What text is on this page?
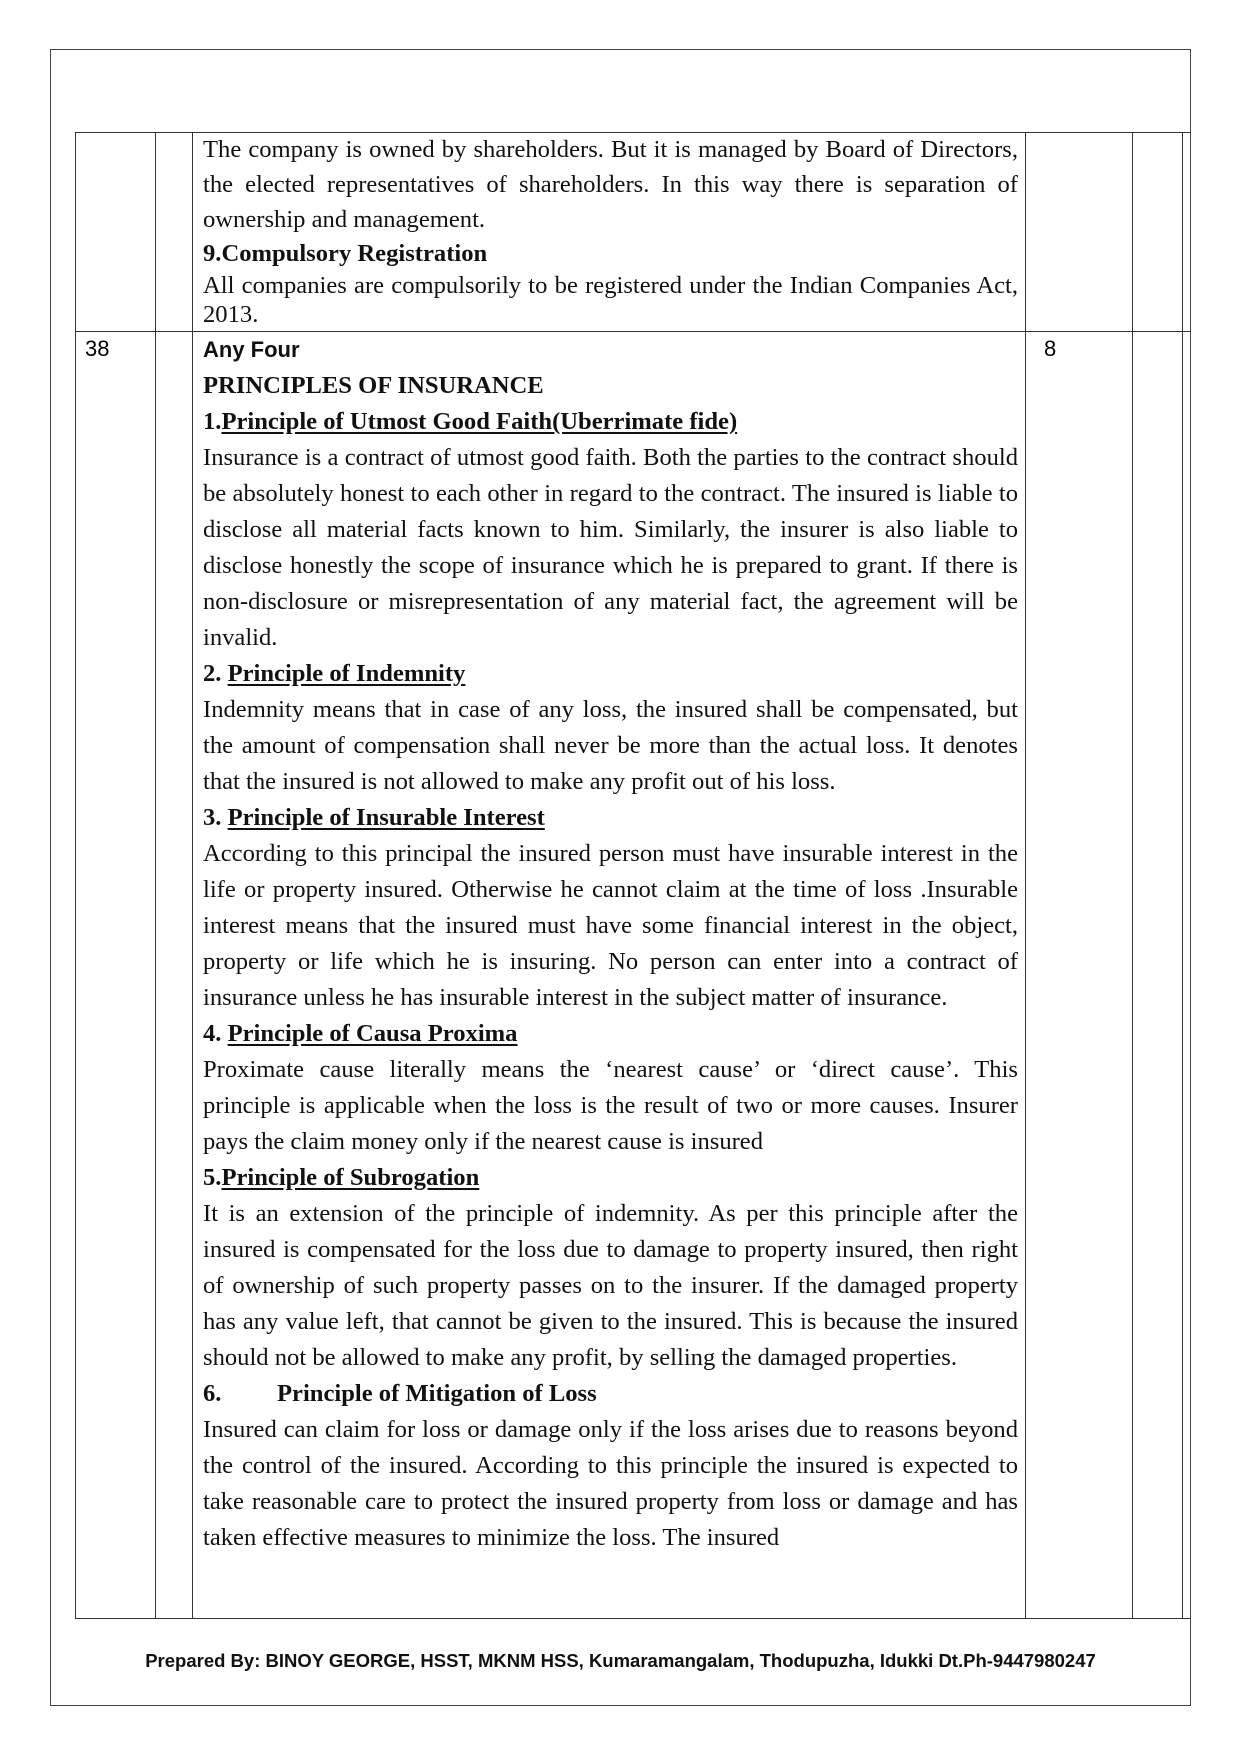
The company is owned by shareholders. But it is managed by Board of Directors, the elected representatives of shareholders. In this way there is separation of ownership and management.

9.Compulsory Registration

All companies are compulsorily to be registered under the Indian Companies Act, 2013.

38	8

Any Four

PRINCIPLES OF INSURANCE

1.Principle of Utmost Good Faith(Uberrimate fide)

Insurance is a contract of utmost good faith. Both the parties to the contract should be absolutely honest to each other in regard to the contract. The insured is liable to disclose all material facts known to him. Similarly, the insurer is also liable to disclose honestly the scope of insurance which he is prepared to grant. If there is non-disclosure or misrepresentation of any material fact, the agreement will be invalid.

2. Principle of Indemnity

Indemnity means that in case of any loss, the insured shall be compensated, but the amount of compensation shall never be more than the actual loss. It denotes that the insured is not allowed to make any profit out of his loss.

3. Principle of Insurable Interest

According to this principal the insured person must have insurable interest in the life or property insured. Otherwise he cannot claim at the time of loss .Insurable interest means that the insured must have some financial interest in the object, property or life which he is insuring. No person can enter into a contract of insurance unless he has insurable interest in the subject matter of insurance.

4. Principle of Causa Proxima

Proximate cause literally means the ‘nearest cause’ or ‘direct cause’. This principle is applicable when the loss is the result of two or more causes. Insurer pays the claim money only if the nearest cause is insured

5.Principle of Subrogation

It is an extension of the principle of indemnity. As per this principle after the insured is compensated for the loss due to damage to property insured, then right of ownership of such property passes on to the insurer. If the damaged property has any value left, that cannot be given to the insured. This is because the insured should not be allowed to make any profit, by selling the damaged properties.

6. Principle of Mitigation of Loss

Insured can claim for loss or damage only if the loss arises due to reasons beyond the control of the insured. According to this principle the insured is expected to take reasonable care to protect the insured property from loss or damage and has taken effective measures to minimize the loss. The insured

Prepared By: BINOY GEORGE, HSST, MKNM HSS, Kumaramangalam, Thodupuzha, Idukki Dt.Ph-9447980247
